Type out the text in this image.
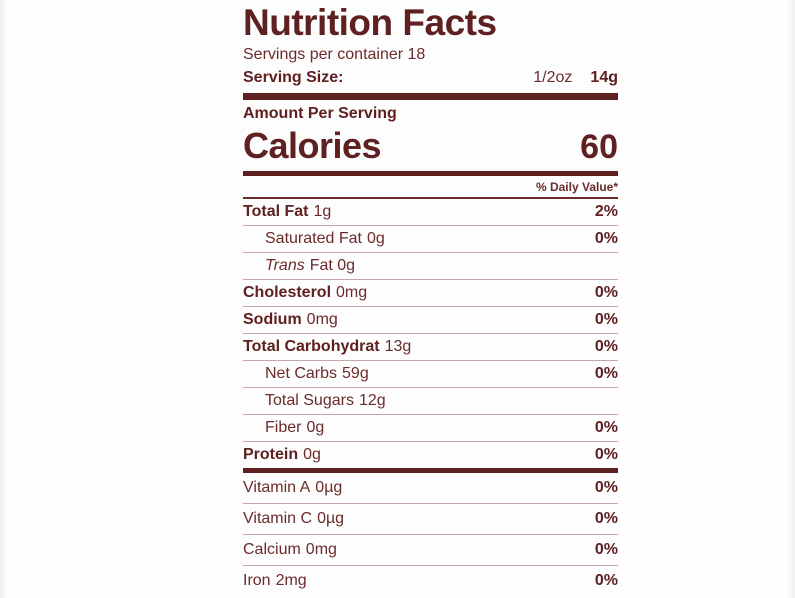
Nutrition Facts
Servings per container 18
Serving Size:	1/2oz	14g
Amount Per Serving
Calories	60
% Daily Value*
Total Fat 1g	2%
Saturated Fat 0g	0%
Trans Fat 0g
Cholesterol 0mg	0%
Sodium 0mg	0%
Total Carbohydrat 13g	0%
Net Carbs 59g	0%
Total Sugars 12g
Fiber 0g	0%
Protein 0g	0%
Vitamin A 0µg	0%
Vitamin C 0µg	0%
Calcium 0mg	0%
Iron 2mg	0%
